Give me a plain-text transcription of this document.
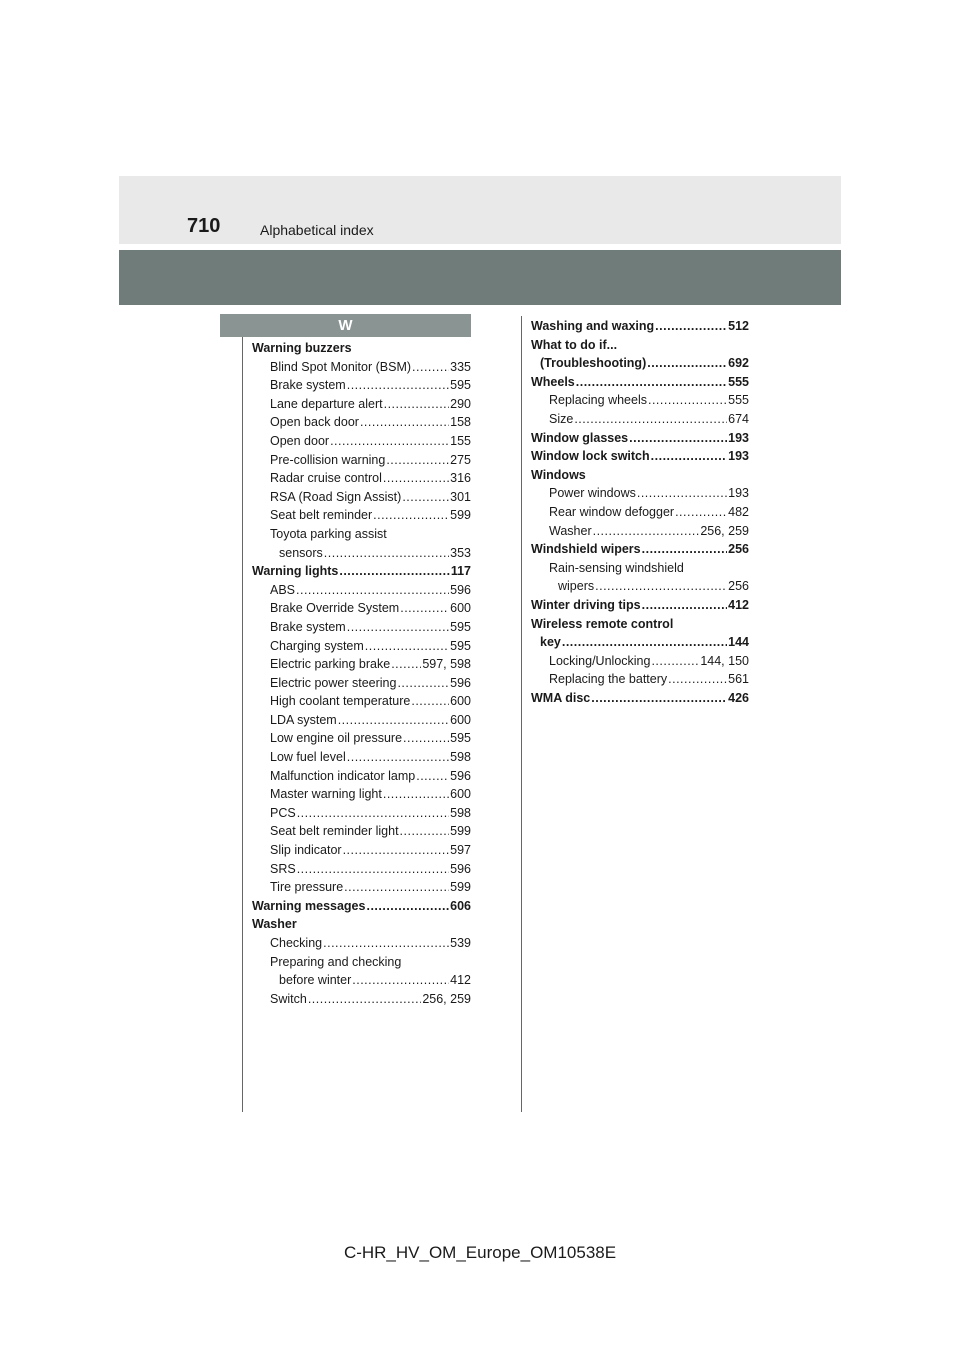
710	Alphabetical index
W
Warning buzzers
Blind Spot Monitor (BSM) .....	335
Brake system .....	595
Lane departure alert .....	290
Open back door .....	158
Open door .....	155
Pre-collision warning .....	275
Radar cruise control .....	316
RSA (Road Sign Assist) .....	301
Seat belt reminder .....	599
Toyota parking assist
sensors .....	353
Warning lights .....	117
ABS .....	596
Brake Override System .....	600
Brake system .....	595
Charging system .....	595
Electric parking brake .....	597, 598
Electric power steering .....	596
High coolant temperature .....	600
LDA system .....	600
Low engine oil pressure .....	595
Low fuel level .....	598
Malfunction indicator lamp .....	596
Master warning light .....	600
PCS .....	598
Seat belt reminder light .....	599
Slip indicator .....	597
SRS .....	596
Tire pressure .....	599
Warning messages .....	606
Washer
Checking .....	539
Preparing and checking
before winter .....	412
Switch .....	256, 259
Washing and waxing .....	512
What to do if...
(Troubleshooting) .....	692
Wheels .....	555
Replacing wheels .....	555
Size .....	674
Window glasses .....	193
Window lock switch .....	193
Windows
Power windows .....	193
Rear window defogger .....	482
Washer .....	256, 259
Windshield wipers .....	256
Rain-sensing windshield
wipers .....	256
Winter driving tips .....	412
Wireless remote control
key .....	144
Locking/Unlocking .....	144, 150
Replacing the battery .....	561
WMA disc .....	426
C-HR_HV_OM_Europe_OM10538E
